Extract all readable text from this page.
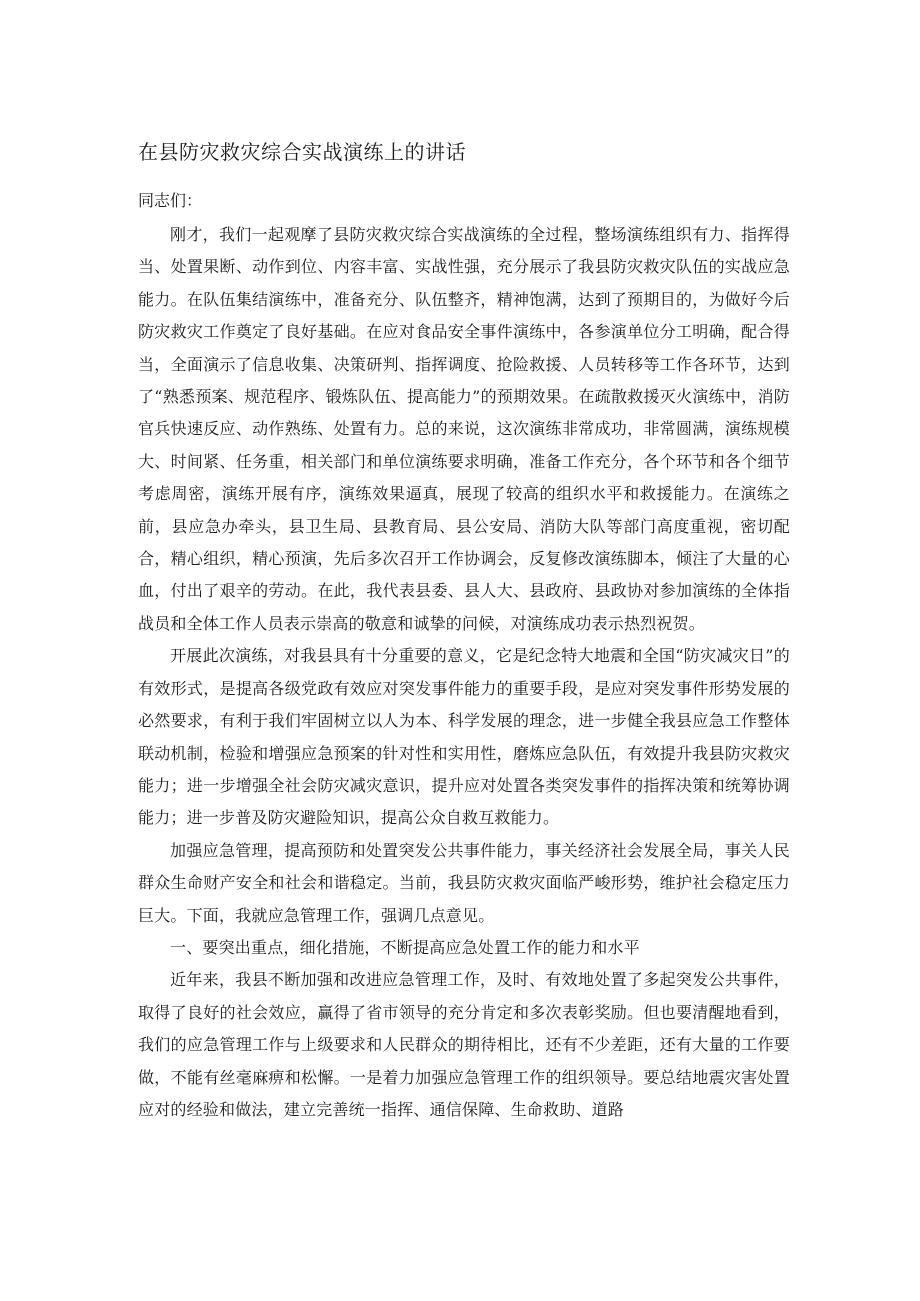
在县防灾救灾综合实战演练上的讲话
同志们：

刚才，我们一起观摩了县防灾救灾综合实战演练的全过程，整场演练组织有力、指挥得当、处置果断、动作到位、内容丰富、实战性强，充分展示了我县防灾救灾队伍的实战应急能力。在队伍集结演练中，准备充分、队伍整齐，精神饱满，达到了预期目的，为做好今后防灾救灾工作奠定了良好基础。在应对食品安全事件演练中，各参演单位分工明确，配合得当，全面演示了信息收集、决策研判、指挥调度、抢险救援、人员转移等工作各环节，达到了“熟悉预案、规范程序、锻炼队伍、提高能力”的预期效果。在疏散救援灭火演练中，消防官兵快速反应、动作熟练、处置有力。总的来说，这次演练非常成功，非常圆满，演练规模大、时间紧、任务重，相关部门和单位演练要求明确，准备工作充分，各个环节和各个细节考虑周密，演练开展有序，演练效果逼真，展现了较高的组织水平和救援能力。在演练之前，县应急办牵头，县卫生局、县教育局、县公安局、消防大队等部门高度重视，密切配合，精心组织，精心预演，先后多次召开工作协调会，反复修改演练脚本，倾注了大量的心血，付出了艰辛的劳动。在此，我代表县委、县人大、县政府、县政协对参加演练的全体指战员和全体工作人员表示崇高的敬意和诚挚的问候，对演练成功表示热烈祝贺。

开展此次演练，对我县具有十分重要的意义，它是纪念特大地震和全国“防灾减灾日”的有效形式，是提高各级党政有效应对突发事件能力的重要手段，是应对突发事件形势发展的必然要求，有利于我们牢固树立以人为本、科学发展的理念，进一步健全我县应急工作整体联动机制，检验和增强应急预案的针对性和实用性，磨炼应急队伍，有效提升我县防灾救灾能力；进一步增强全社会防灾减灾意识，提升应对处置各类突发事件的指挥决策和统筹协调能力；进一步普及防灾避险知识，提高公众自救互救能力。

加强应急管理，提高预防和处置突发公共事件能力，事关经济社会发展全局，事关人民群众生命财产安全和社会和谐稳定。当前，我县防灾救灾面临严峻形势，维护社会稳定压力巨大。下面，我就应急管理工作，强调几点意见。

一、要突出重点，细化措施，不断提高应急处置工作的能力和水平

近年来，我县不断加强和改进应急管理工作，及时、有效地处置了多起突发公共事件，取得了良好的社会效应，赢得了省市领导的充分肯定和多次表彰奖励。但也要清醒地看到，我们的应急管理工作与上级要求和人民群众的期待相比，还有不少差距，还有大量的工作要做，不能有丝毫麻痹和松懈。一是着力加强应急管理工作的组织领导。要总结地震灾害处置应对的经验和做法，建立完善统一指挥、通信保障、生命救助、道路
